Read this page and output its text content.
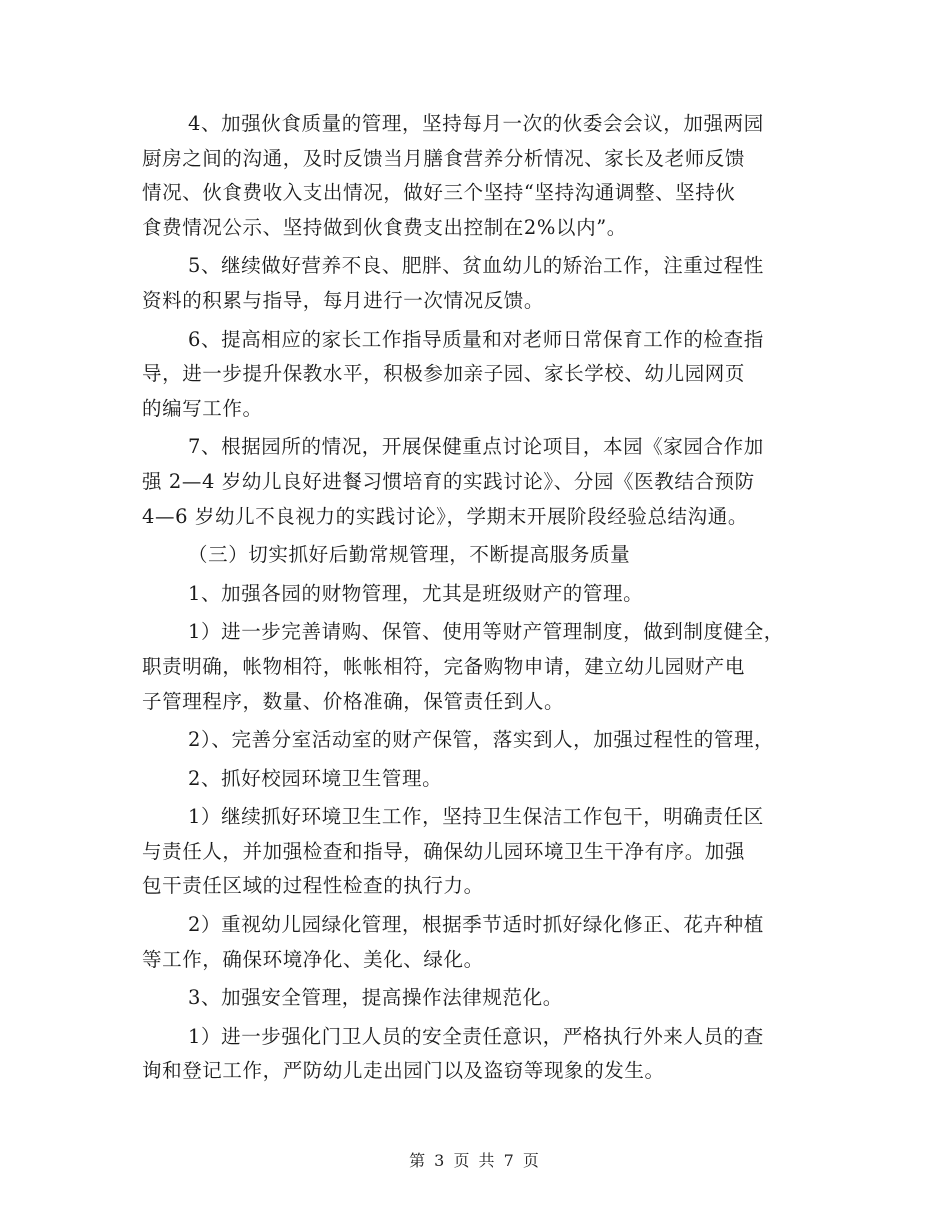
4、加强伙食质量的管理，坚持每月一次的伙委会会议，加强两园
厨房之间的沟通，及时反馈当月膳食营养分析情况、家长及老师反馈
情况、伙食费收入支出情况，做好三个坚持“坚持沟通调整、坚持伙
食费情况公示、坚持做到伙食费支出控制在2%以内”。

5、继续做好营养不良、肥胖、贫血幼儿的矫治工作，注重过程性
资料的积累与指导，每月进行一次情况反馈。

6、提高相应的家长工作指导质量和对老师日常保育工作的检查指
导，进一步提升保教水平，积极参加亲子园、家长学校、幼儿园网页
的编写工作。

7、根据园所的情况，开展保健重点讨论项目，本园《家园合作加
强 2—4 岁幼儿良好进餐习惯培育的实践讨论》、分园《医教结合预防
4—6 岁幼儿不良视力的实践讨论》，学期末开展阶段经验总结沟通。

（三）切实抓好后勤常规管理，不断提高服务质量

1、加强各园的财物管理，尤其是班级财产的管理。

1）进一步完善请购、保管、使用等财产管理制度，做到制度健全，
职责明确，帐物相符，帐帐相符，完备购物申请，建立幼儿园财产电
子管理程序，数量、价格准确，保管责任到人。

2）、完善分室活动室的财产保管，落实到人，加强过程性的管理，

2、抓好校园环境卫生管理。

1）继续抓好环境卫生工作，坚持卫生保洁工作包干，明确责任区
与责任人，并加强检查和指导，确保幼儿园环境卫生干净有序。加强
包干责任区域的过程性检查的执行力。

2）重视幼儿园绿化管理，根据季节适时抓好绿化修正、花卉种植
等工作，确保环境净化、美化、绿化。

3、加强安全管理，提高操作法律规范化。

1）进一步强化门卫人员的安全责任意识，严格执行外来人员的查
询和登记工作，严防幼儿走出园门以及盗窃等现象的发生。

第 3 页 共 7 页
